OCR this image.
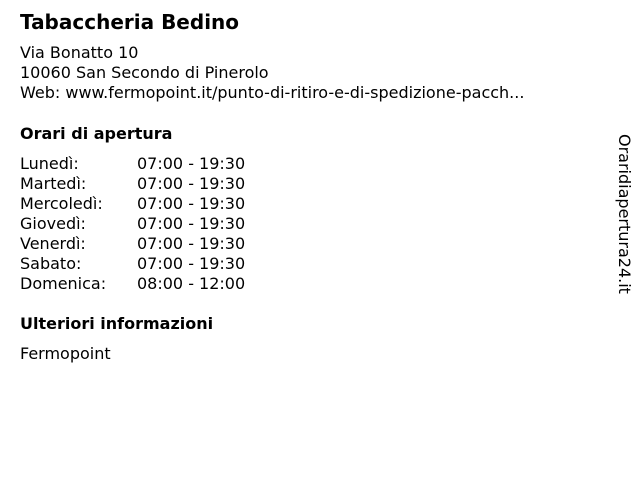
Tabaccheria Bedino
Via Bonatto 10
10060 San Secondo di Pinerolo
Web: www.fermopoint.it/punto-di-ritiro-e-di-spedizione-pacch...
Orari di apertura
Lunedì:	07:00 - 19:30
Martedì:	07:00 - 19:30
Mercoledì: 07:00 - 19:30
Giovedì:	07:00 - 19:30
Venerdì:	07:00 - 19:30
Sabato:	07:00 - 19:30
Domenica: 08:00 - 12:00
Ulteriori informazioni
Fermopoint
Oraridiapertura24.it
